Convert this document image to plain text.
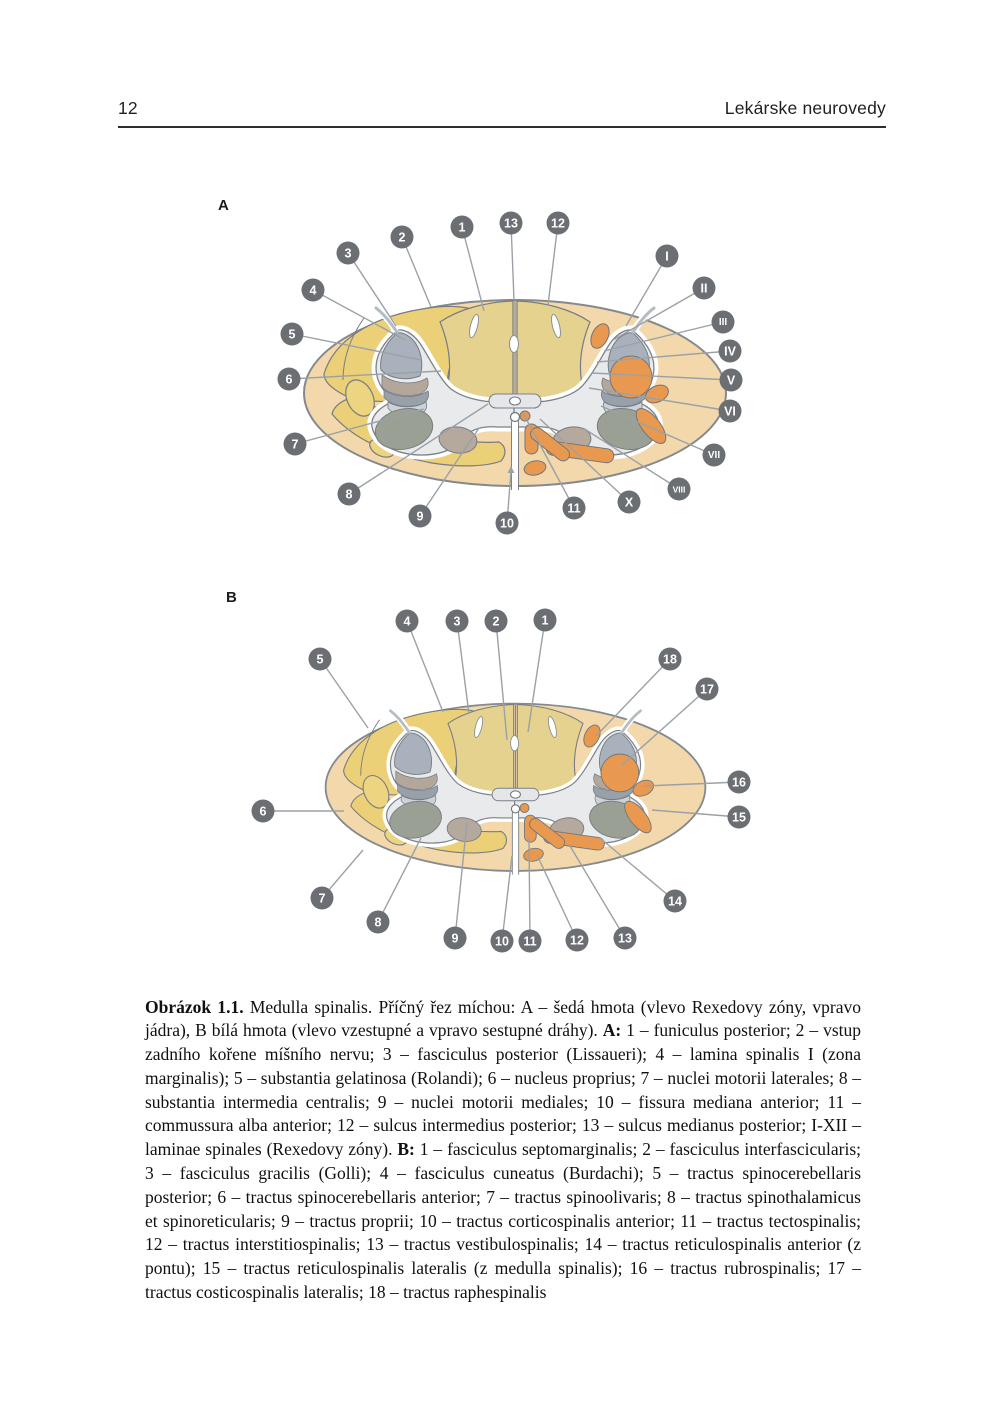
12	Lekárske neurovedy
1	13	12
2
3
4
5
6
7
8
9	10
11	X
VIII
VII
VI
V
IV
III
II
I
4	3	2	1
5	18
17
16
15
6
7
8
9	10 11	12	13
14
A
B

Obrázok 1.1. Medulla spinalis. Příčný řez míchou: A – šedá hmota (vlevo Rexedovy zóny, vpravo jádra), B bílá hmota (vlevo vzestupné a vpravo sestupné dráhy). A: 1 – funiculus posterior; 2 – vstup zadního kořene míšního nervu; 3 – fasciculus posterior (Lissaueri); 4 – lamina spinalis I (zona marginalis); 5 – substantia gelatinosa (Rolandi); 6 – nucleus proprius; 7 – nuclei motorii laterales; 8 – substantia intermedia centralis; 9 – nuclei motorii mediales; 10 – fissura mediana anterior; 11 – commussura alba anterior; 12 – sulcus intermedius posterior; 13 – sulcus medianus posterior; I-XII – laminae spinales (Rexedovy zóny). B: 1 – fasciculus septomarginalis; 2 – fasciculus interfascicularis; 3 – fasciculus gracilis (Golli); 4 – fasciculus cuneatus (Burdachi); 5 – tractus spinocerebellaris posterior; 6 – tractus spinocerebellaris anterior; 7 – tractus spinoolivaris; 8 – tractus spinothalamicus et spinoreticularis; 9 – tractus proprii; 10 – tractus corticospinalis anterior; 11 – tractus tectospinalis; 12 – tractus interstitiospinalis; 13 – tractus vestibulospinalis; 14 – tractus reticulospinalis anterior (z pontu); 15 – tractus reticulospinalis lateralis (z medulla spinalis); 16 – tractus rubrospinalis; 17 – tractus costicospinalis lateralis; 18 – tractus raphespinalis
